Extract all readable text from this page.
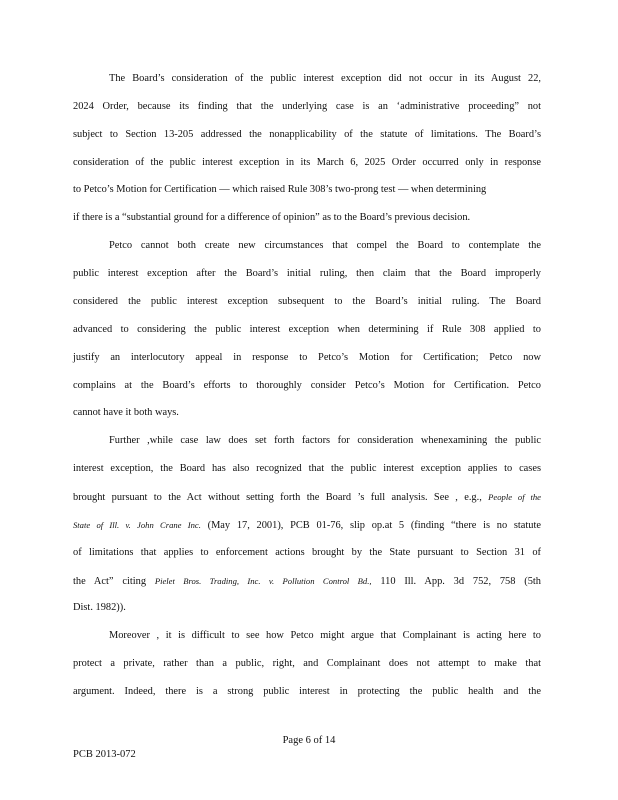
The Board’s consideration of the public interest exception did not occur in its August 22,
2024 Order, because its finding that the underlying case is an ‘administrative proceeding” not
subject to Section 13-205 addressed the nonapplicability of the statute of limitations. The Board’s
consideration of the public interest exception in its March 6, 2025 Order occurred only in response
to Petco’s Motion for Certification — which raised Rule 308’s two-prong test — when determining
if there is a “substantial ground for a difference of opinion” as to the Board’s previous decision.
Petco cannot both create new circumstances that compel the Board to contemplate the
public interest exception after the Board’s initial ruling, then claim that the Board improperly
considered the public interest exception subsequent to the Board’s initial ruling. The Board
advanced to considering the public interest exception when determining if Rule 308 applied to
justify an interlocutory appeal in response to Petco’s Motion for Certification; Petco now
complains at the Board’s efforts to thoroughly consider Petco’s Motion for Certification. Petco
cannot have it both ways.
Further ,while case law does set forth factors for consideration whenexamining the public
interest exception, the Board has also recognized that the public interest exception applies to cases
brought pursuant to the Act without setting forth the Board ’s full analysis. See , e.g., People of the
State of Ill. v. John Crane Inc. (May 17, 2001), PCB 01-76, slip op.at 5 (finding “there is no statute
of limitations that applies to enforcement actions brought by the State pursuant to Section 31 of
the Act” citing Pielet Bros. Trading, Inc. v. Pollution Control Bd., 110 Ill. App. 3d 752, 758 (5th
Dist. 1982)).
Moreover , it is difficult to see how Petco might argue that Complainant is acting here to
protect a private, rather than a public, right, and Complainant does not attempt to make that
argument. Indeed, there is a strong public interest in protecting the public health and the
Page 6 of 14
PCB 2013-072
